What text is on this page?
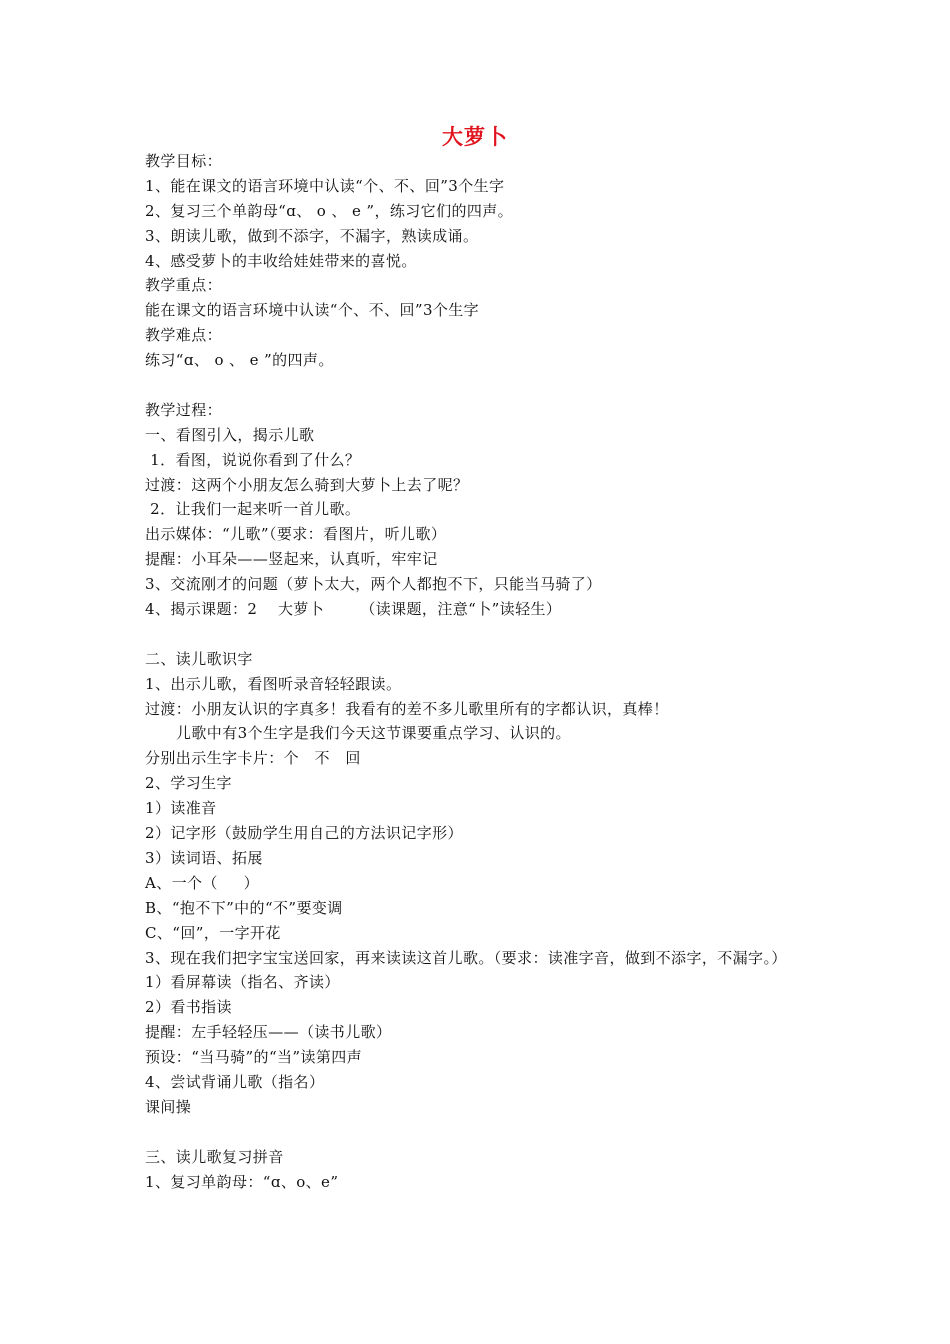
大萝卜
教学目标：
1、能在课文的语言环境中认读“个、不、回”3个生字
2、复习三个单韵母“ɑ、 o 、 e ”，练习它们的四声。
3、朗读儿歌，做到不添字，不漏字，熟读成诵。
4、感受萝卜的丰收给娃娃带来的喜悦。
教学重点：
能在课文的语言环境中认读“个、不、回”3个生字
教学难点：
练习“ɑ、 o 、 e ”的四声。
教学过程：
一、看图引入，揭示儿歌
1．看图，说说你看到了什么？
过渡：这两个小朋友怎么骑到大萝卜上去了呢？
2．让我们一起来听一首儿歌。
出示媒体：“儿歌”（要求：看图片，听儿歌）
提醒：小耳朵——竖起来，认真听，牢牢记
3、交流刚才的问题（萝卜太大，两个人都抱不下，只能当马骑了）
4、揭示课题：2    大萝卜       （读课题，注意“卜”读轻生）
二、读儿歌识字
1、出示儿歌，看图听录音轻轻跟读。
过渡：小朋友认识的字真多！我看有的差不多儿歌里所有的字都认识，真棒！
儿歌中有3个生字是我们今天这节课要重点学习、认识的。
分别出示生字卡片：个   不   回
2、学习生字
1）读准音
2）记字形（鼓励学生用自己的方法识记字形）
3）读词语、拓展
A、一个（     ）
B、“抱不下”中的“不”要变调
C、“回”，一字开花
3、现在我们把字宝宝送回家，再来读读这首儿歌。（要求：读准字音，做到不添字，不漏字。）
1）看屏幕读（指名、齐读）
2）看书指读
提醒：左手轻轻压——（读书儿歌）
预设：“当马骑”的“当”读第四声
4、尝试背诵儿歌（指名）
课间操
三、读儿歌复习拼音
1、复习单韵母：“ɑ、o、e”
